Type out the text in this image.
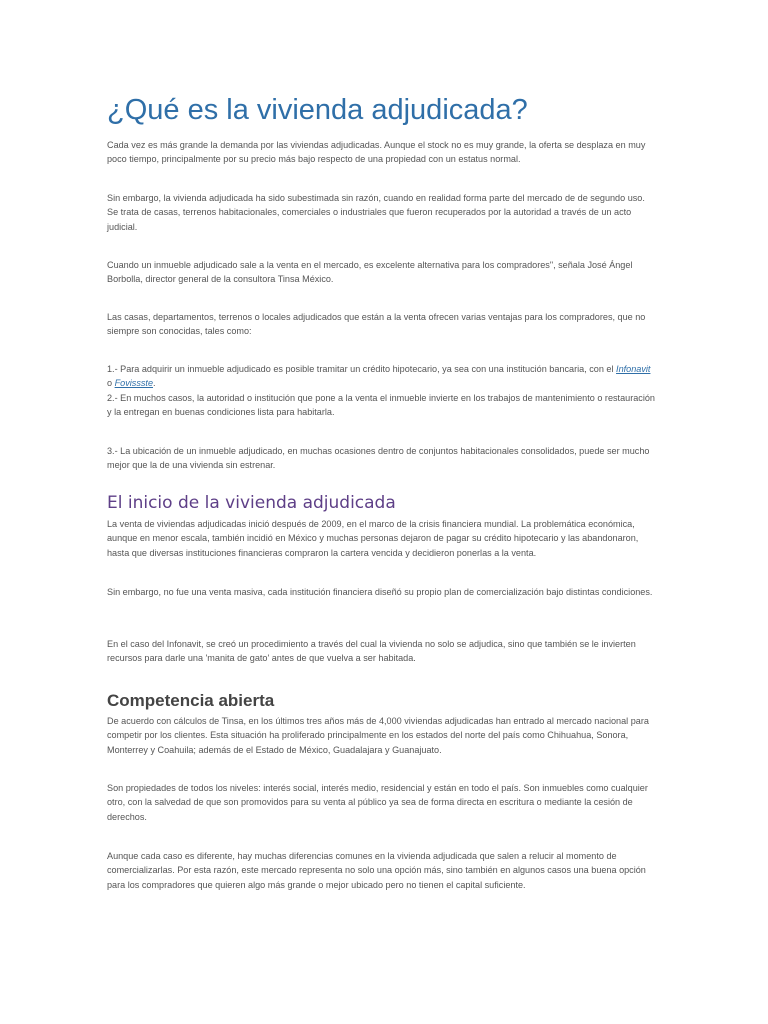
¿Qué es la vivienda adjudicada?

Cada vez es más grande la demanda por las viviendas adjudicadas. Aunque el stock no es muy grande, la oferta se desplaza en muy poco tiempo, principalmente por su precio más bajo respecto de una propiedad con un estatus normal.

Sin embargo, la vivienda adjudicada ha sido subestimada sin razón, cuando en realidad forma parte del mercado de de segundo uso. Se trata de casas, terrenos habitacionales, comerciales o industriales que fueron recuperados por la autoridad a través de un acto judicial.

Cuando un inmueble adjudicado sale a la venta en el mercado, es excelente alternativa para los compradores", señala José Ángel Borbolla, director general de la consultora Tinsa México.

Las casas, departamentos, terrenos o locales adjudicados que están a la venta ofrecen varias ventajas para los compradores, que no siempre son conocidas, tales como:

1.- Para adquirir un inmueble adjudicado es posible tramitar un crédito hipotecario, ya sea con una institución bancaria, con el Infonavit o Fovissste.

2.- En muchos casos, la autoridad o institución que pone a la venta el inmueble invierte en los trabajos de mantenimiento o restauración y la entregan en buenas condiciones lista para habitarla.

3.- La ubicación de un inmueble adjudicado, en muchas ocasiones dentro de conjuntos habitacionales consolidados, puede ser mucho mejor que la de una vivienda sin estrenar.

El inicio de la vivienda adjudicada

La venta de viviendas adjudicadas inició después de 2009, en el marco de la crisis financiera mundial. La problemática económica, aunque en menor escala, también incidió en México y muchas personas dejaron de pagar su crédito hipotecario y las abandonaron, hasta que diversas instituciones financieras compraron la cartera vencida y decidieron ponerlas a la venta.

Sin embargo, no fue una venta masiva, cada institución financiera diseñó su propio plan de comercialización bajo distintas condiciones.

En el caso del Infonavit, se creó un procedimiento a través del cual la vivienda no solo se adjudica, sino que también se le invierten recursos para darle una 'manita de gato' antes de que vuelva a ser habitada.

Competencia abierta

De acuerdo con cálculos de Tinsa, en los últimos tres años más de 4,000 viviendas adjudicadas han entrado al mercado nacional para competir por los clientes. Esta situación ha proliferado principalmente en los estados del norte del país como Chihuahua, Sonora, Monterrey y Coahuila; además de el Estado de México, Guadalajara y Guanajuato.

Son propiedades de todos los niveles: interés social, interés medio, residencial y están en todo el país. Son inmuebles como cualquier otro, con la salvedad de que son promovidos para su venta al público ya sea de forma directa en escritura o mediante la cesión de derechos.

Aunque cada caso es diferente, hay muchas diferencias comunes en la vivienda adjudicada que salen a relucir al momento de comercializarlas. Por esta razón, este mercado representa no solo una opción más, sino también en algunos casos una buena opción para los compradores que quieren algo más grande o mejor ubicado pero no tienen el capital suficiente.
